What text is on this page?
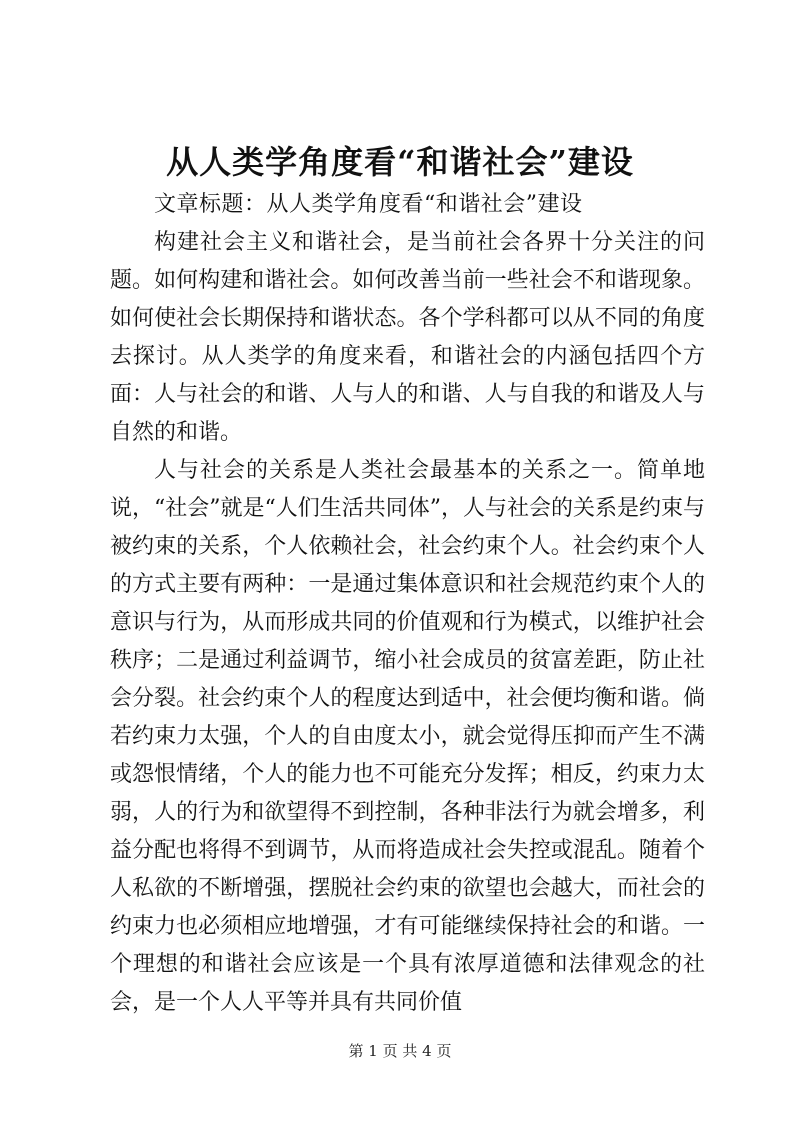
从人类学角度看“和谐社会”建设

文章标题：从人类学角度看“和谐社会”建设

构建社会主义和谐社会，是当前社会各界十分关注的问题。如何构建和谐社会。如何改善当前一些社会不和谐现象。如何使社会长期保持和谐状态。各个学科都可以从不同的角度去探讨。从人类学的角度来看，和谐社会的内涵包括四个方面：人与社会的和谐、人与人的和谐、人与自我的和谐及人与自然的和谐。

人与社会的关系是人类社会最基本的关系之一。简单地说，“社会”就是“人们生活共同体”，人与社会的关系是约束与被约束的关系，个人依赖社会，社会约束个人。社会约束个人的方式主要有两种：一是通过集体意识和社会规范约束个人的意识与行为，从而形成共同的价值观和行为模式，以维护社会秩序；二是通过利益调节，缩小社会成员的贫富差距，防止社会分裂。社会约束个人的程度达到适中，社会便均衡和谐。倘若约束力太强，个人的自由度太小，就会觉得压抑而产生不满或怨恨情绪，个人的能力也不可能充分发挥；相反，约束力太弱，人的行为和欲望得不到控制，各种非法行为就会增多，利益分配也将得不到调节，从而将造成社会失控或混乱。随着个人私欲的不断增强，摆脱社会约束的欲望也会越大，而社会的约束力也必须相应地增强，才有可能继续保持社会的和谐。一个理想的和谐社会应该是一个具有浓厚道德和法律观念的社会，是一个人人平等并具有共同价值

第 1 页 共 4 页
